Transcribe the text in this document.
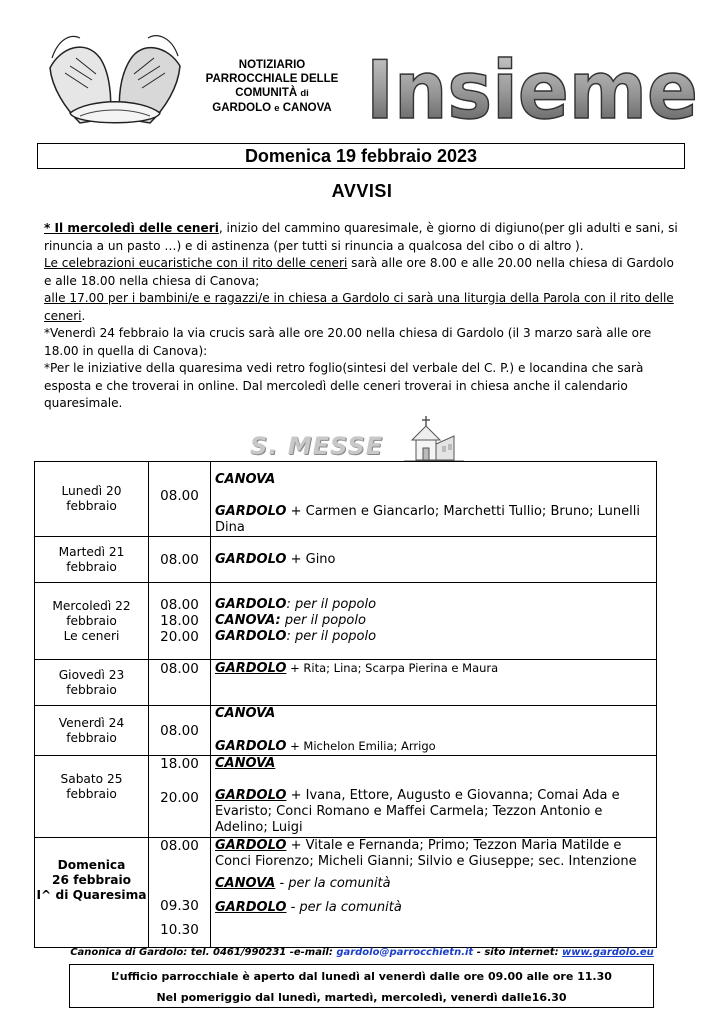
NOTIZIARIO
PARROCCHIALE DELLE
COMUNITÀ di
GARDOLO e CANOVA Insieme
Domenica 19 febbraio 2023
AVVISI

* Il mercoledì delle ceneri, inizio del cammino quaresimale, è giorno di digiuno(per gli adulti e sani, si rinuncia a un pasto …) e di astinenza (per tutti si rinuncia a qualcosa del cibo o di altro ).

Le celebrazioni eucaristiche con il rito delle ceneri sarà alle ore 8.00 e alle 20.00 nella chiesa di Gardolo e alle 18.00 nella chiesa di Canova;

alle 17.00 per i bambini/e e ragazzi/e in chiesa a Gardolo ci sarà una liturgia della Parola con il rito delle ceneri.

*Venerdì 24 febbraio la via crucis sarà alle ore 20.00 nella chiesa di Gardolo (il 3 marzo sarà alle ore 18.00 in quella di Canova):

*Per le iniziative della quaresima vedi retro foglio(sintesi del verbale del C. P.) e locandina che sarà esposta e che troverai in online. Dal mercoledì delle ceneri troverai in chiesa anche il calendario quaresimale.

S. MESSE
Lunedì 20
febbraio	08.00	CANOVA
GARDOLO + Carmen e Giancarlo; Marchetti Tullio; Bruno; Lunelli Dina

Martedì 21
febbraio	08.00	GARDOLO + Gino

Mercoledì 22
febbraio
Le ceneri	08.00
18.00
20.00	GARDOLO: per il popolo
CANOVA: per il popolo
GARDOLO: per il popolo

Giovedì 23
febbraio	08.00	GARDOLO + Rita; Lina; Scarpa Pierina e Maura

Venerdì 24
febbraio	08.00	CANOVA
GARDOLO + Michelon Emilia; Arrigo

Sabato 25
febbraio	18.00
20.00	CANOVA
GARDOLO + Ivana, Ettore, Augusto e Giovanna; Comai Ada e Evaristo; Conci Romano e Maffei Carmela; Tezzon Antonio e Adelino; Luigi

Domenica
26 febbraio
I^ di Quaresima	08.00
09.30
10.30	GARDOLO + Vitale e Fernanda; Primo; Tezzon Maria Matilde e Conci Fiorenzo; Micheli Gianni; Silvio e Giuseppe; sec. Intenzione
CANOVA - per la comunità
GARDOLO - per la comunità
Canonica di Gardolo: tel. 0461/990231 -e-mail: gardolo@parrocchietn.it - sito internet: www.gardolo.eu
L’ufficio parrocchiale è aperto dal lunedì al venerdì dalle ore 09.00 alle ore 11.30
Nel pomeriggio dal lunedì, martedì, mercoledì, venerdì dalle16.30
